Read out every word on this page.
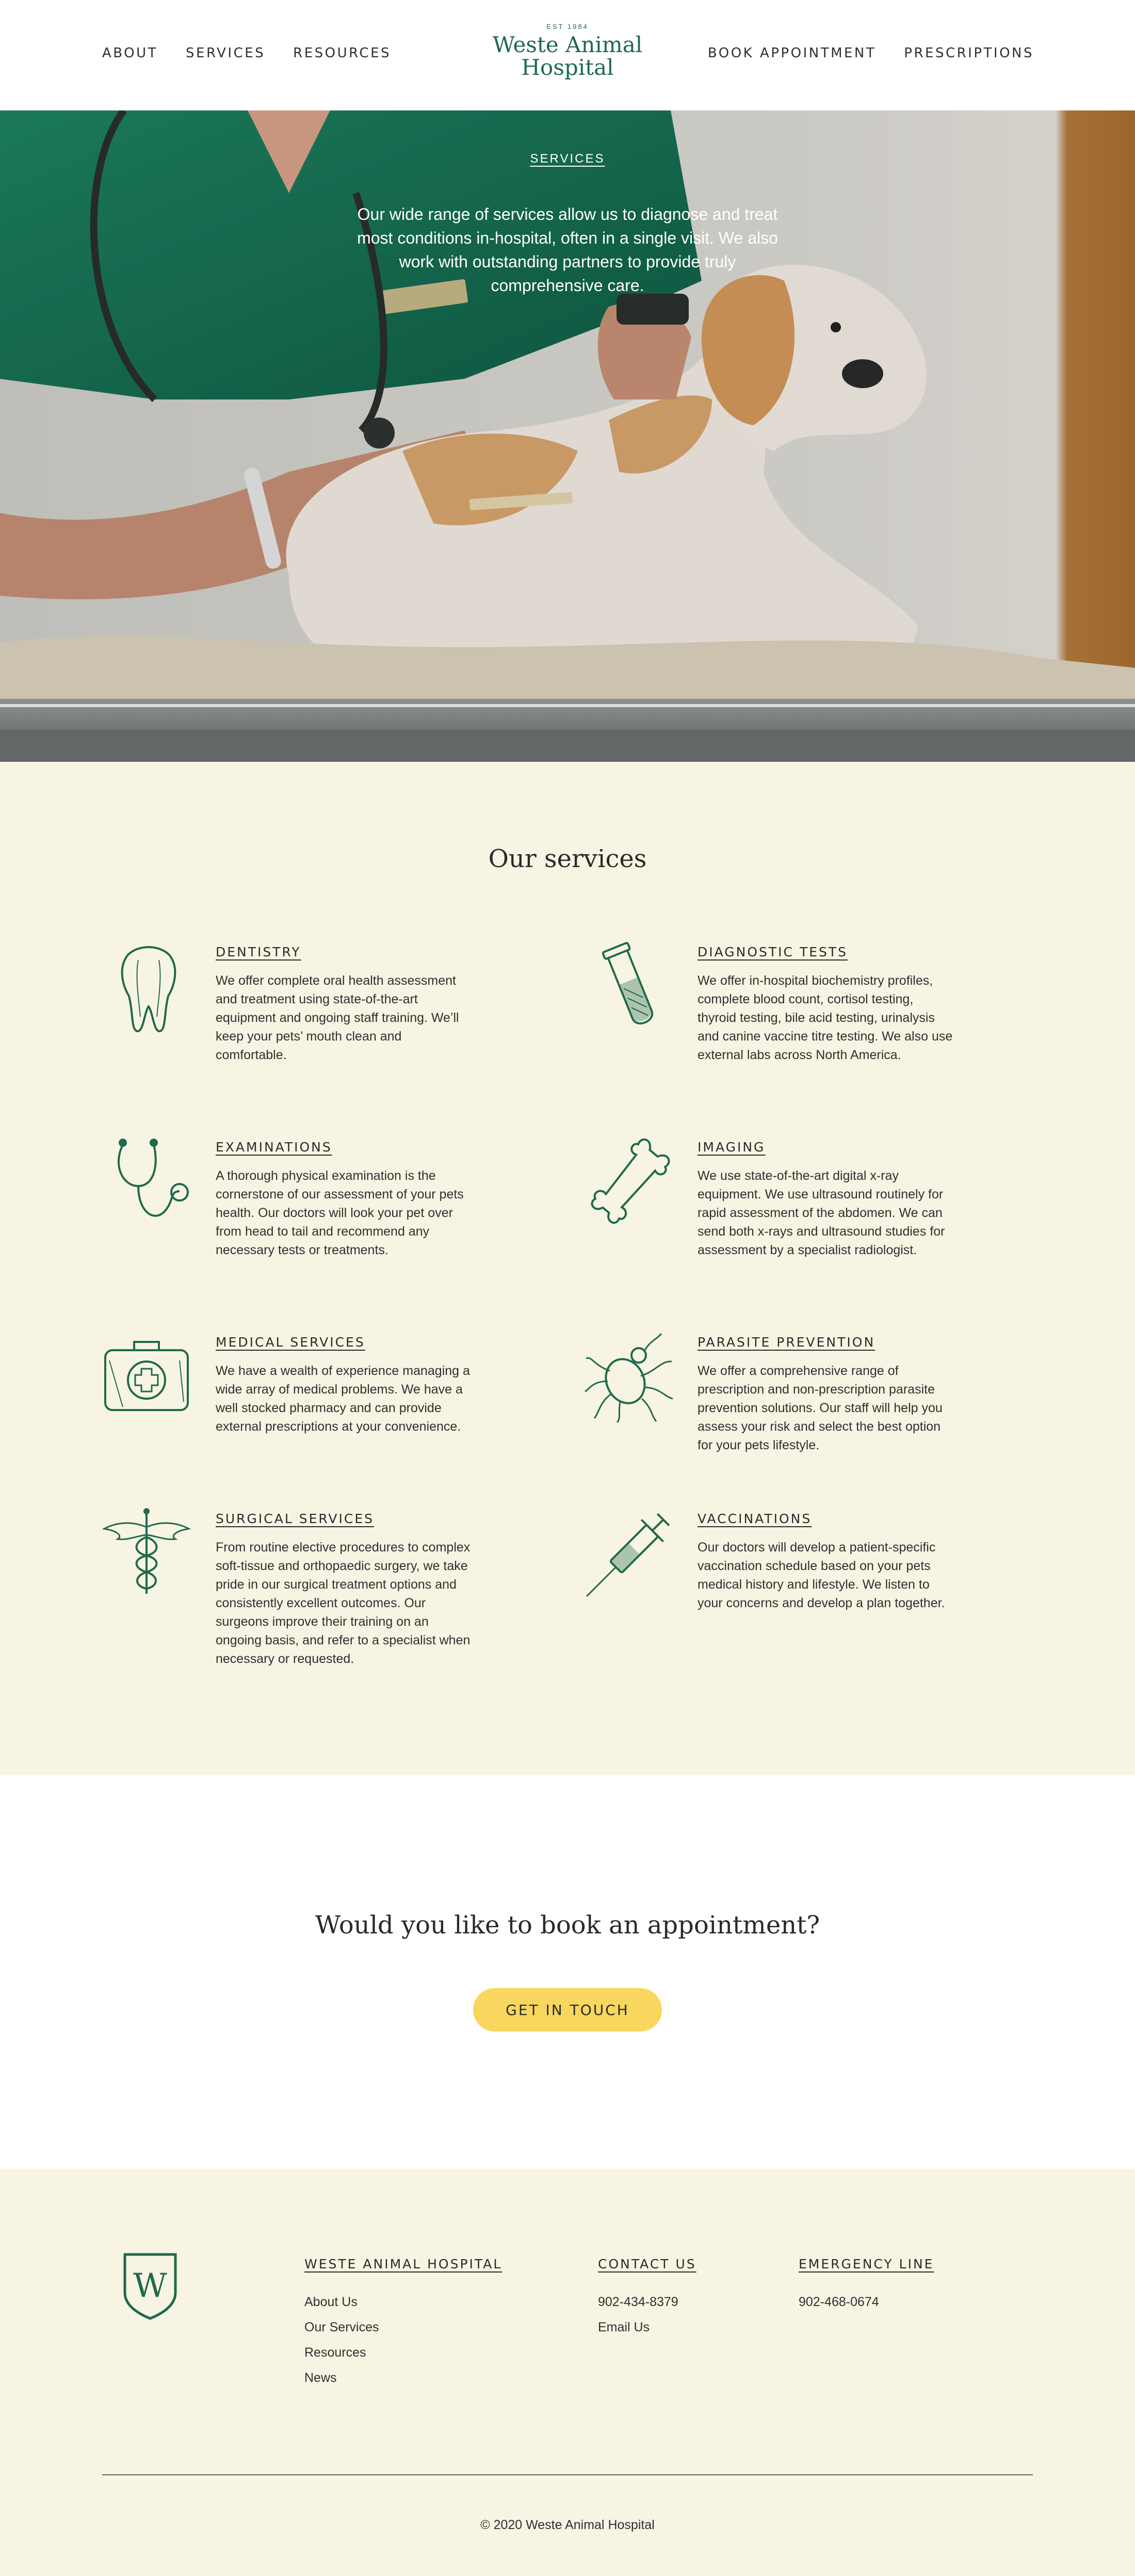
ABOUT SERVICES RESOURCES
EST 1984
Weste Animal
Hospital
BOOK APPOINTMENT PRESCRIPTIONS
SERVICES

Our wide range of services allow us to diagnose and treat most conditions in-hospital, often in a single visit. We also work with outstanding partners to provide truly comprehensive care.

Our services
DENTISTRY

We offer complete oral health assessment and treatment using state-of-the-art equipment and ongoing staff training. We’ll keep your pets’ mouth clean and comfortable.

DIAGNOSTIC TESTS

We offer in-hospital biochemistry profiles, complete blood count, cortisol testing, thyroid testing, bile acid testing, urinalysis and canine vaccine titre testing. We also use external labs across North America.

EXAMINATIONS

A thorough physical examination is the cornerstone of our assessment of your pets health. Our doctors will look your pet over from head to tail and recommend any necessary tests or treatments.

IMAGING

We use state-of-the-art digital x-ray equipment. We use ultrasound routinely for rapid assessment of the abdomen. We can send both x-rays and ultrasound studies for assessment by a specialist radiologist.

MEDICAL SERVICES

We have a wealth of experience managing a wide array of medical problems. We have a well stocked pharmacy and can provide external prescriptions at your convenience.

PARASITE PREVENTION

We offer a comprehensive range of prescription and non-prescription parasite prevention solutions. Our staff will help you assess your risk and select the best option for your pets lifestyle.

SURGICAL SERVICES

From routine elective procedures to complex soft-tissue and orthopaedic surgery, we take pride in our surgical treatment options and consistently excellent outcomes. Our surgeons improve their training on an ongoing basis, and refer to a specialist when necessary or requested.

VACCINATIONS

Our doctors will develop a patient-specific vaccination schedule based on your pets medical history and lifestyle. We listen to your concerns and develop a plan together.

Would you like to book an appointment?
GET IN TOUCH
W
WESTE ANIMAL HOSPITAL
About Us
Our Services
Resources
News
CONTACT US
902-434-8379
Email Us
EMERGENCY LINE
902-468-0674
© 2020 Weste Animal Hospital
